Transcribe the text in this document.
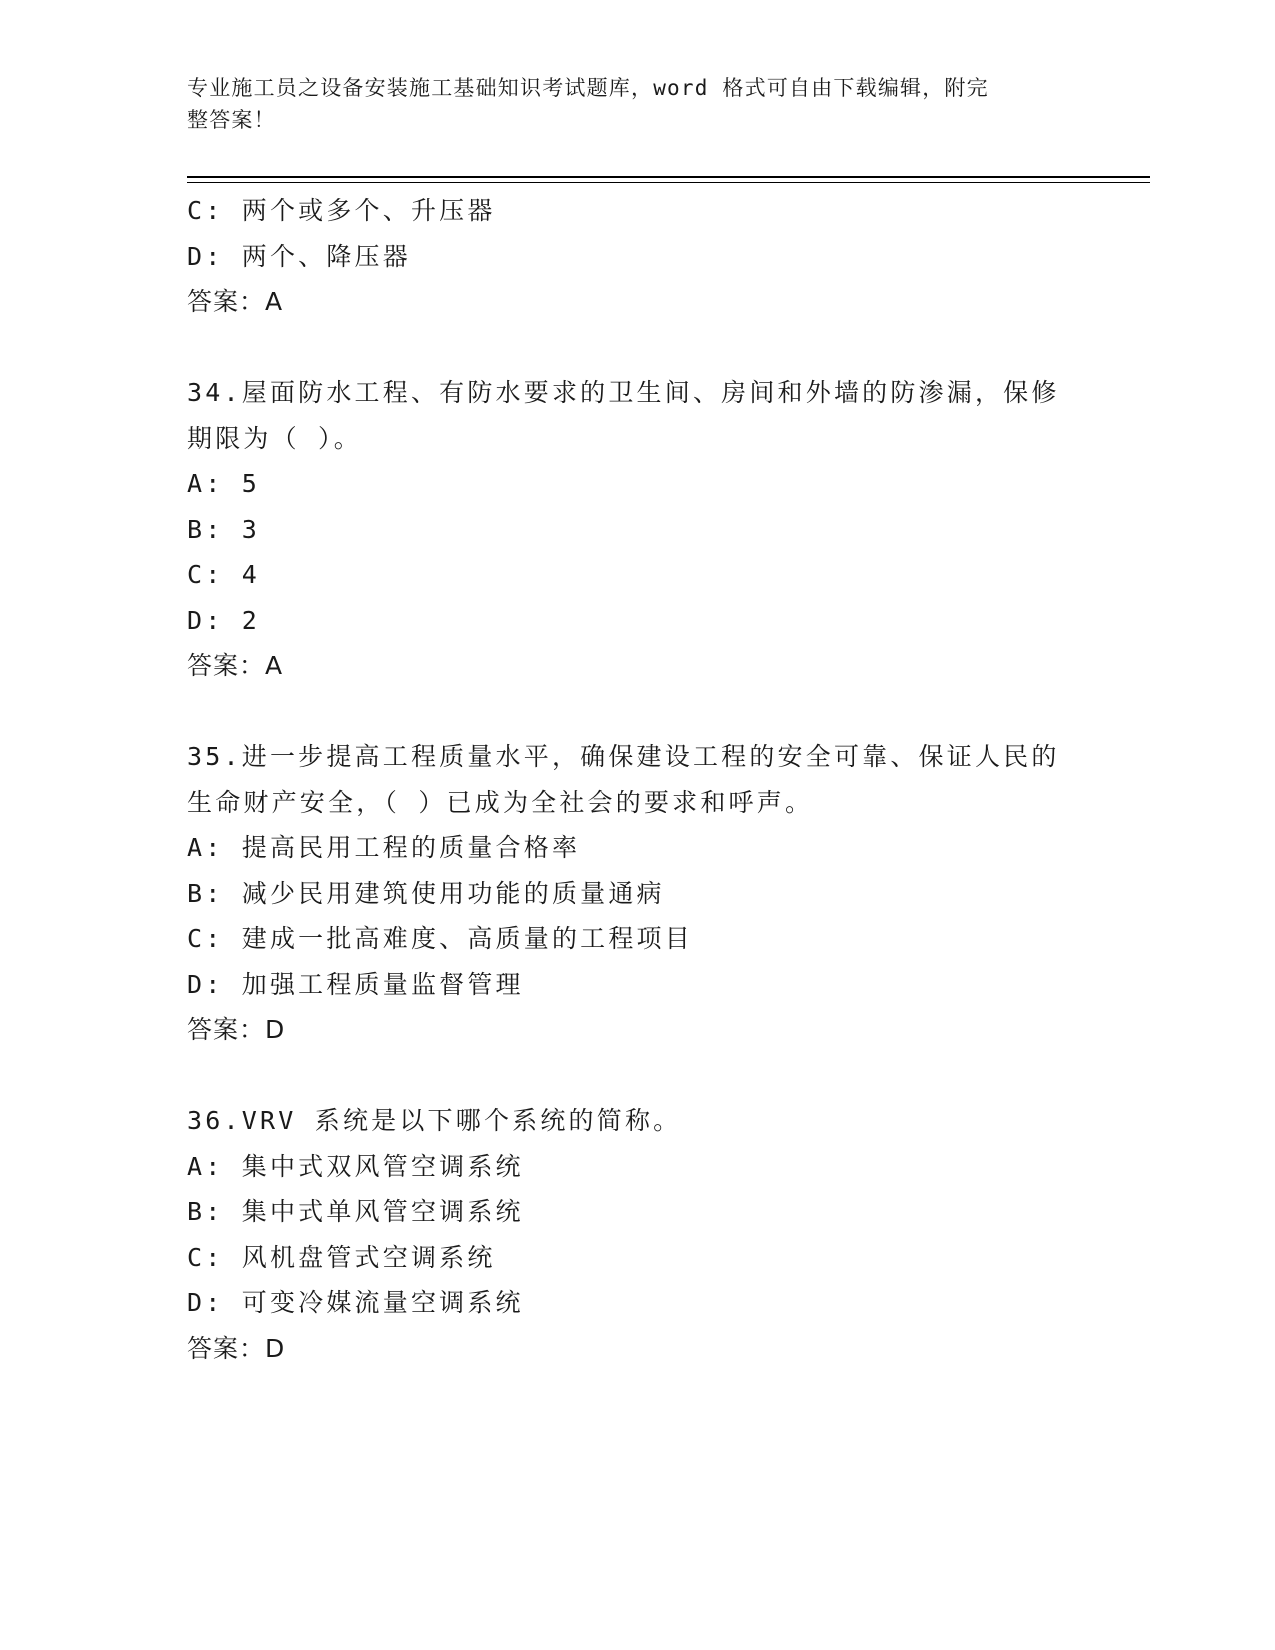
专业施工员之设备安装施工基础知识考试题库，word 格式可自由下载编辑，附完
整答案！
C: 两个或多个、升压器
D: 两个、降压器
答案：A
34.屋面防水工程、有防水要求的卫生间、房间和外墙的防渗漏，保修
期限为（ ）。
A: 5
B: 3
C: 4
D: 2
答案：A
35.进一步提高工程质量水平，确保建设工程的安全可靠、保证人民的
生命财产安全，（ ）已成为全社会的要求和呼声。
A: 提高民用工程的质量合格率
B: 减少民用建筑使用功能的质量通病
C: 建成一批高难度、高质量的工程项目
D: 加强工程质量监督管理
答案：D
36.VRV 系统是以下哪个系统的简称。
A: 集中式双风管空调系统
B: 集中式单风管空调系统
C: 风机盘管式空调系统
D: 可变冷媒流量空调系统
答案：D
